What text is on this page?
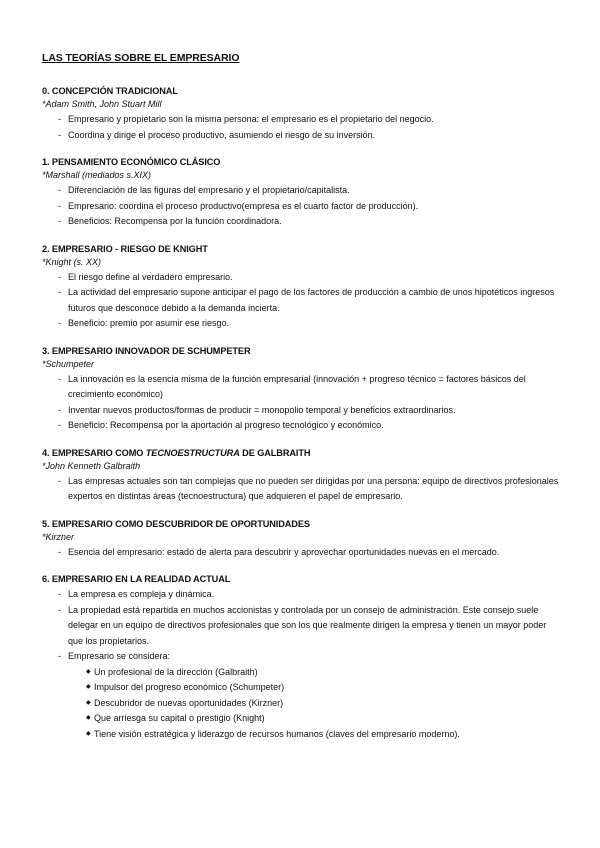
LAS TEORÍAS SOBRE EL EMPRESARIO
0. CONCEPCIÓN TRADICIONAL
*Adam Smith, John Stuart Mill
- Empresario y propietario son la misma persona: el empresario es el propietario del negocio.
- Coordina y dirige el proceso productivo, asumiendo el riesgo de su inversión.
1. PENSAMIENTO ECONÓMICO CLÁSICO
*Marshall (mediados s.XIX)
- Diferenciación de las figuras del empresario y el propietario/capitalista.
- Empresario: coordina el proceso productivo(empresa es el cuarto factor de producción).
- Beneficios: Recompensa por la función coordinadora.
2. EMPRESARIO - RIESGO DE KNIGHT
*Knight (s. XX)
- El riesgo define al verdadero empresario.
- La actividad del empresario supone anticipar el pago de los factores de producción a cambio de unos hipotéticos ingresos futuros que desconoce debido a la demanda incierta.
- Beneficio: premio por asumir ese riesgo.
3. EMPRESARIO INNOVADOR DE SCHUMPETER
*Schumpeter
- La innovación es la esencia misma de la función empresarial (innovación + progreso técnico = factores básicos del crecimiento económico)
- Inventar nuevos productos/formas de producir = monopolio temporal y beneficios extraordinarios.
- Beneficio: Recompensa por la aportación al progreso tecnológico y económico.
4. EMPRESARIO COMO TECNOESTRUCTURA DE GALBRAITH
*John Kenneth Galbraith
- Las empresas actuales son tan complejas que no pueden ser dirigidas por una persona: equipo de directivos profesionales expertos en distintas áreas (tecnoestructura) que adquieren el papel de empresario.
5. EMPRESARIO COMO DESCUBRIDOR DE OPORTUNIDADES
*Kirzner
- Esencia del empresario: estado de alerta para descubrir y aprovechar oportunidades nuevas en el mercado.
6. EMPRESARIO EN LA REALIDAD ACTUAL
- La empresa es compleja y dinámica.
- La propiedad está repartida en muchos accionistas y controlada por un consejo de administración. Este consejo suele delegar en un equipo de directivos profesionales que son los que realmente dirigen la empresa y tienen un mayor poder que los propietarios.
- Empresario se considera:
◆ Un profesional de la dirección (Galbraith)
◆ Impulsor del progreso económico (Schumpeter)
◆ Descubridor de nuevas oportunidades (Kirzner)
◆ Que arriesga su capital o prestigio (Knight)
◆ Tiene visión estratégica y liderazgo de recursos humanos (claves del empresario moderno).
